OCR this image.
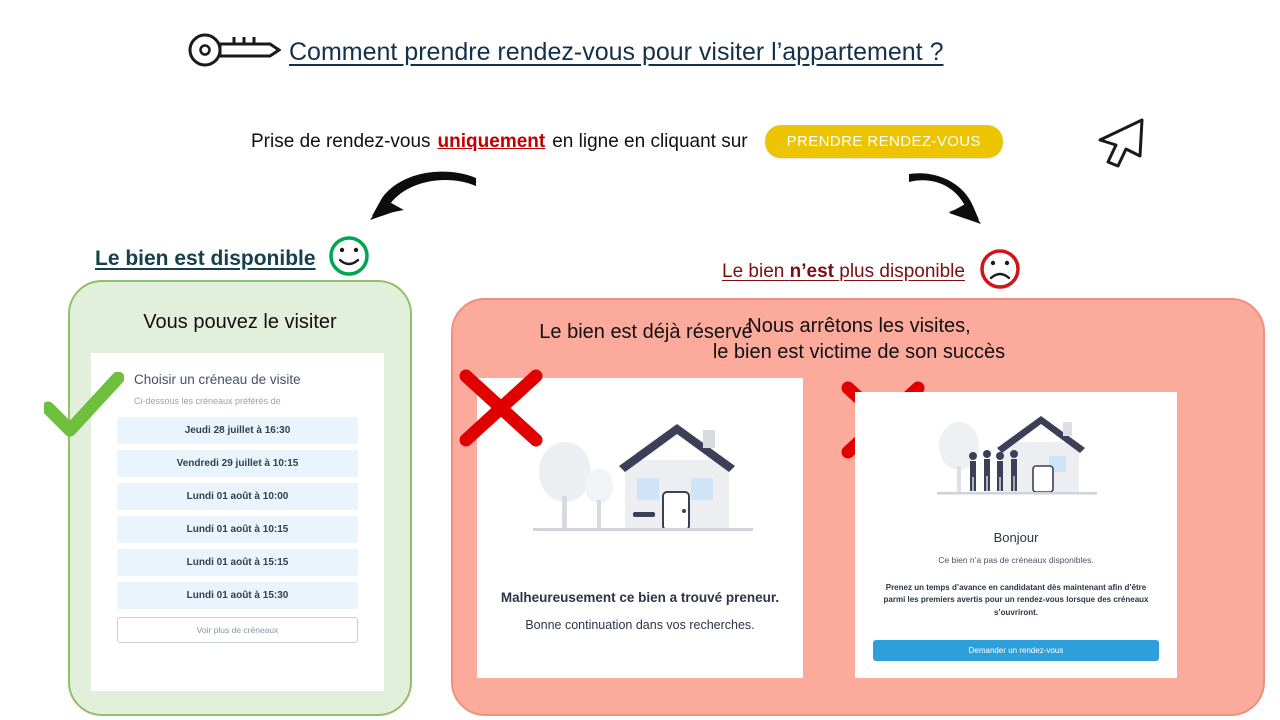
Comment prendre rendez-vous pour visiter l’appartement ?
Prise de rendez-vous uniquement en ligne en cliquant sur	PRENDRE RENDEZ-VOUS
Le bien est disponible
Vous pouvez le visiter
Choisir un créneau de visite
Ci-dessous les créneaux préférés de
Jeudi 28 juillet à 16:30
Vendredi 29 juillet à 10:15
Lundi 01 août à 10:00
Lundi 01 août à 10:15
Lundi 01 août à 15:15
Lundi 01 août à 15:30
Voir plus de créneaux
Le bien n’est plus disponible
Le bien est déjà réservé
Nous arrêtons les visites,
le bien est victime de son succès
Malheureusement ce bien a trouvé preneur.
Bonne continuation dans vos recherches.
Bonjour
Ce bien n’a pas de créneaux disponibles.
Prenez un temps d’avance en candidatant dès maintenant afin d’être parmi les premiers avertis pour un rendez-vous lorsque des créneaux s’ouvriront.
Demander un rendez-vous
